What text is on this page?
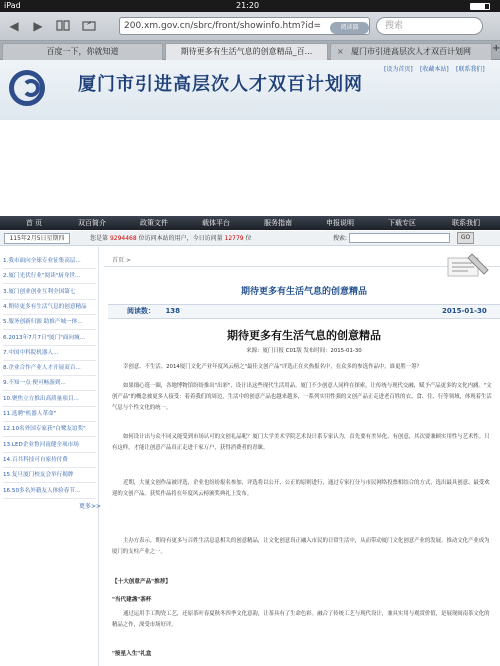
iPad	21:20
◀ ▶	200.xm.gov.cn/sbrc/front/showinfo.htm?id=	阅读器	搜索
百度一下，你就知道	期待更多有生活气息的创意精品_百...	× 厦门市引进高层次人才双百计划网	+
厦门市引进高层次人才双百计划网
[设为首页] [收藏本站] [联系我们]
首 页	双百简介	政策文件	载体平台	服务指南	申报说明	下载专区	联系我们
115年2月5日星期四	您是第 9294468 位访问本站的用户，今日访问量 12779 位	搜索:	GO
1.我市面向全球专业征集高层...
2.厦门光伏行业"阅读"厨身世...
3.厦门创业创业互利全国第七
4.期待更多有生活气息的创意精品
5.服务创新归源 助推产城一体...
6.2013年7月7日"厦门"面向城...
7.中国中科院机器人...
8.企业合作产业人才开展双百...
9.不知一点 便可畅游到...
10.聚焦立方推出高质量项目...
11.选聘"机器人革命"
12.10名外国专家获"白鹭友谊奖"
13.LED企业鲁河南健全项市场
14.百共科技可自家持付费
15.复旦厦门校友会举行揭牌
16.50多名外籍友人体验春节...
更多>>
首页 >
期待更多有生活气息的创意精品
阅读数： 138	2015-01-30
期待更多有生活气息的创意精品
来源：厦门日报 C01版 发布时间：2015-01-30

幸创意、不生活。2014厦门文化产业年度风云榜之"最佳文创产品"评选正在火热报名中，在众多的参选作品中，谁更胜一筹？

如果细心逛一圈，各地博物馆纷纷推出"出彩"，设计出这些现代生活用品。厦门不少创意人同样在探索，让传统与现代交融，赋予产品更多的文化内涵。"文创产品"的概念被更多人接受：着着我们的周边，生活中的创意产品也越来越多，一系列实用性强的文创产品正走进老百姓的衣、食、住、行等领域，体现着生活气息与个性文化的统一。

如何设计出与众不同又能受到市场认可的文创礼品呢？厦门大学美术学院艺术设计系专家认为，首先要有差异化、有创意，其次要兼顾实用性与艺术性。只有这样，才能让创意产品真正走进千家万户，获得消费者的青睐。

近期，大量文创作品被评选，企业也纷纷报名参加，评选将以公开、公正的原则进行，通过专家打分与市民网络投票相结合的方式，选出最具创意、最受欢迎的文创产品。获奖作品将在年度风云榜颁奖典礼上发布。

主办方表示，期待有更多与百姓生活息息相关的创意精品，让文化创意真正融入市民的日常生活中，从而带动厦门文化创意产业的发展，推动文化产业成为厦门的支柱产业之一。

【十大创意产品"推荐】
"当代建盏"茶杯

通过运用手工陶瓷工艺，还原茶叶春夏秋冬四季文化意韵，让茶具有了生命色彩。融合了传统工艺与现代设计，兼具实用与观赏价值，是展现闽南茶文化的精品之作，深受市场好评。

"接星入生"礼盒
